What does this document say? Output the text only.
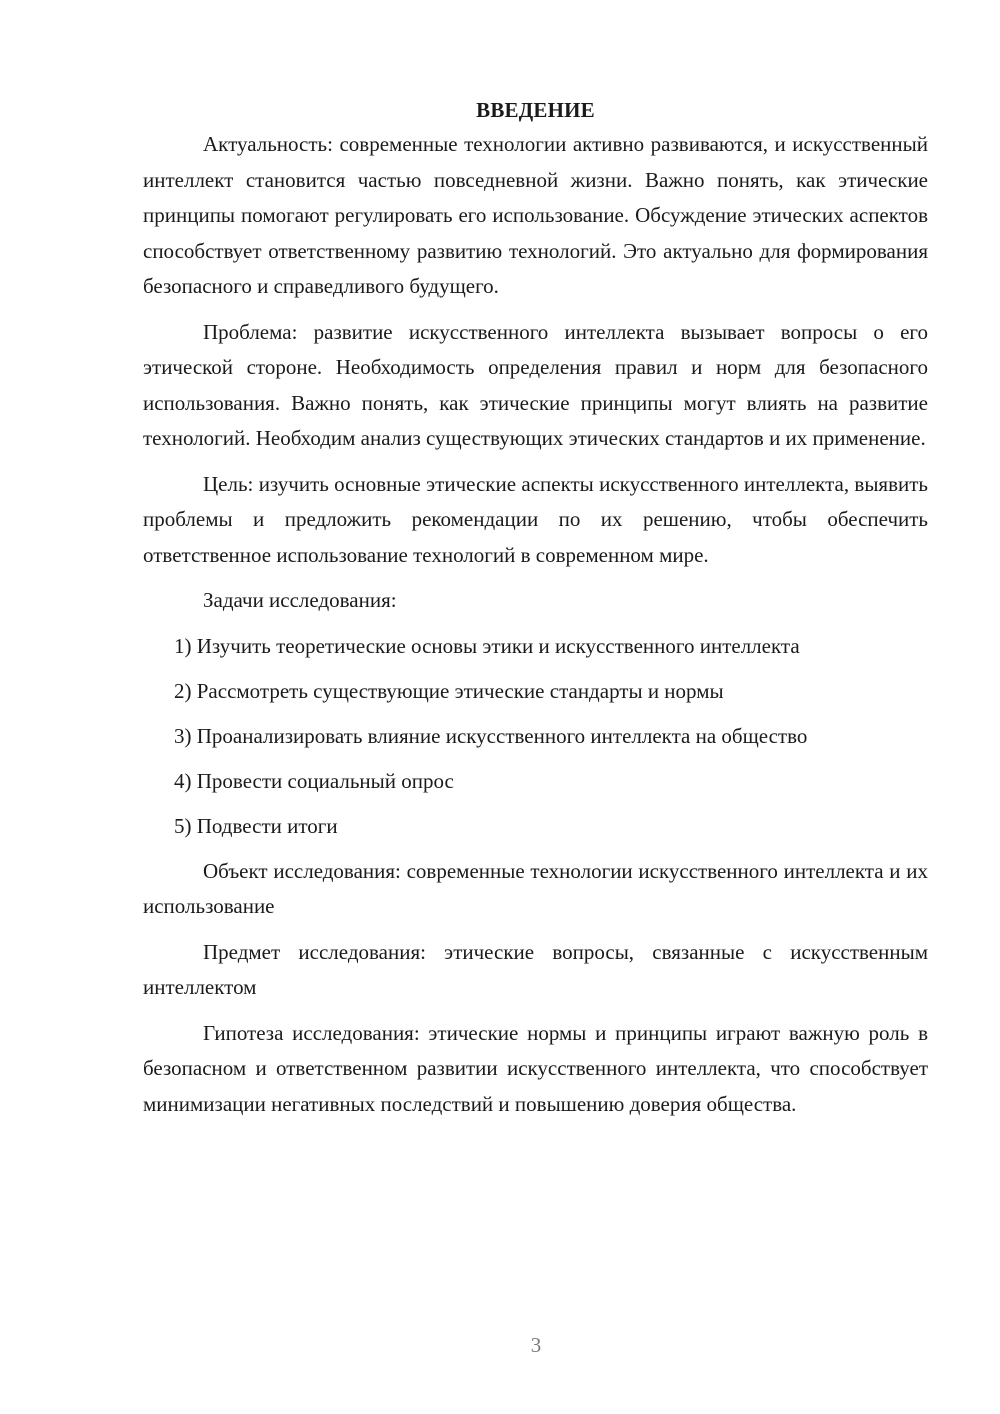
ВВЕДЕНИЕ

Актуальность: современные технологии активно развиваются, и искусственный интеллект становится частью повседневной жизни. Важно понять, как этические принципы помогают регулировать его использование. Обсуждение этических аспектов способствует ответственному развитию технологий. Это актуально для формирования безопасного и справедливого будущего.

Проблема: развитие искусственного интеллекта вызывает вопросы о его этической стороне. Необходимость определения правил и норм для безопасного использования. Важно понять, как этические принципы могут влиять на развитие технологий. Необходим анализ существующих этических стандартов и их применение.

Цель: изучить основные этические аспекты искусственного интеллекта, выявить проблемы и предложить рекомендации по их решению, чтобы обеспечить ответственное использование технологий в современном мире.

Задачи исследования:

1) Изучить теоретические основы этики и искусственного интеллекта
2) Рассмотреть существующие этические стандарты и нормы
3) Проанализировать влияние искусственного интеллекта на общество
4) Провести социальный опрос
5) Подвести итоги

Объект исследования: современные технологии искусственного интеллекта и их использование

Предмет исследования: этические вопросы, связанные с искусственным интеллектом

Гипотеза исследования: этические нормы и принципы играют важную роль в безопасном и ответственном развитии искусственного интеллекта, что способствует минимизации негативных последствий и повышению доверия общества.

3
